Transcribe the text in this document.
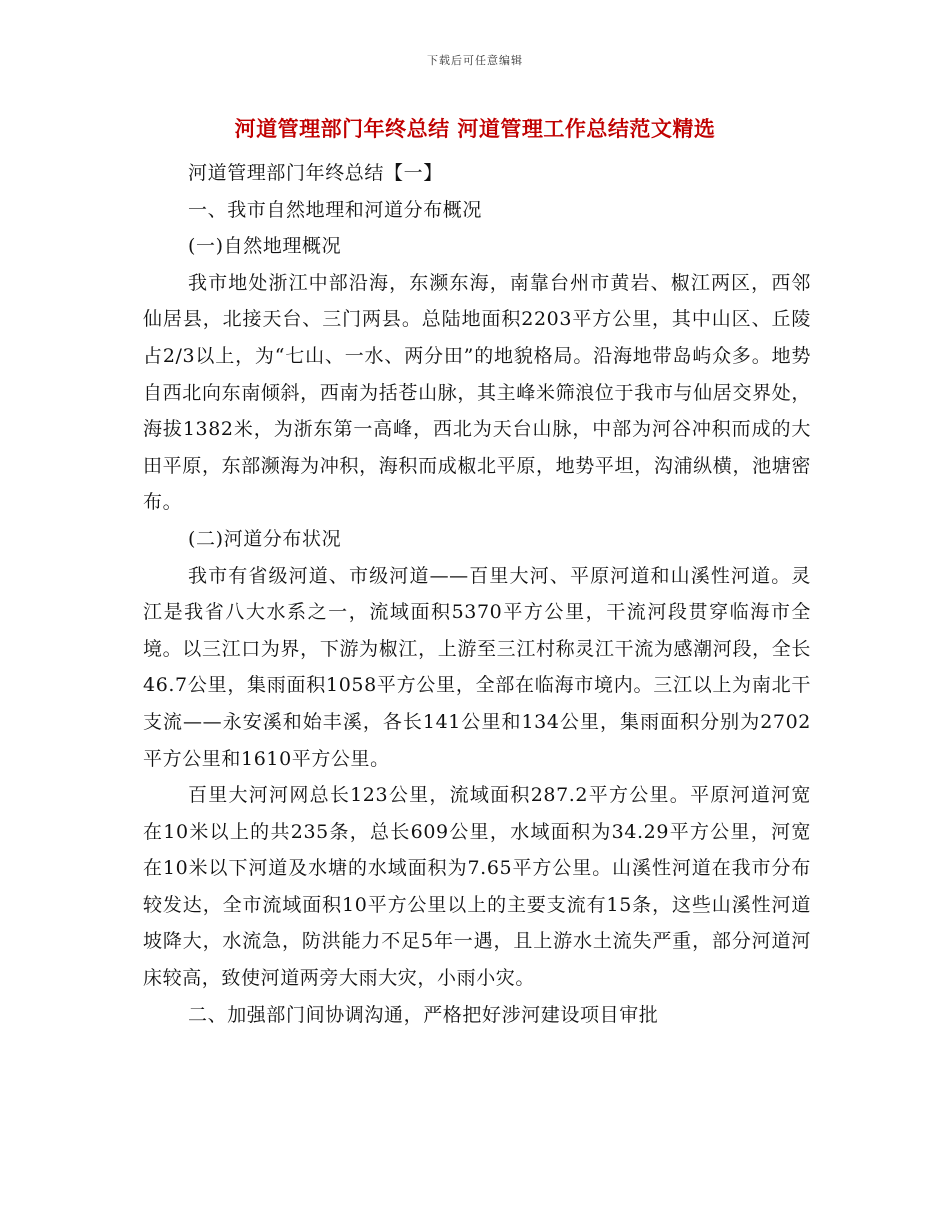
下载后可任意编辑
河道管理部门年终总结 河道管理工作总结范文精选

河道管理部门年终总结【一】

一、我市自然地理和河道分布概况

(一)自然地理概况

我市地处浙江中部沿海，东濒东海，南靠台州市黄岩、椒江两区，西邻仙居县，北接天台、三门两县。总陆地面积2203平方公里，其中山区、丘陵占2/3以上，为“七山、一水、两分田”的地貌格局。沿海地带岛屿众多。地势自西北向东南倾斜，西南为括苍山脉，其主峰米筛浪位于我市与仙居交界处，海拔1382米，为浙东第一高峰，西北为天台山脉，中部为河谷冲积而成的大田平原，东部濒海为冲积，海积而成椒北平原，地势平坦，沟浦纵横，池塘密布。

(二)河道分布状况

我市有省级河道、市级河道——百里大河、平原河道和山溪性河道。灵江是我省八大水系之一，流域面积5370平方公里，干流河段贯穿临海市全境。以三江口为界，下游为椒江，上游至三江村称灵江干流为感潮河段，全长46.7公里，集雨面积1058平方公里，全部在临海市境内。三江以上为南北干支流——永安溪和始丰溪，各长141公里和134公里，集雨面积分别为2702平方公里和1610平方公里。

百里大河河网总长123公里，流域面积287.2平方公里。平原河道河宽在10米以上的共235条，总长609公里，水域面积为34.29平方公里，河宽在10米以下河道及水塘的水域面积为7.65平方公里。山溪性河道在我市分布较发达，全市流域面积10平方公里以上的主要支流有15条，这些山溪性河道坡降大，水流急，防洪能力不足5年一遇，且上游水土流失严重，部分河道河床较高，致使河道两旁大雨大灾，小雨小灾。

二、加强部门间协调沟通，严格把好涉河建设项目审批
